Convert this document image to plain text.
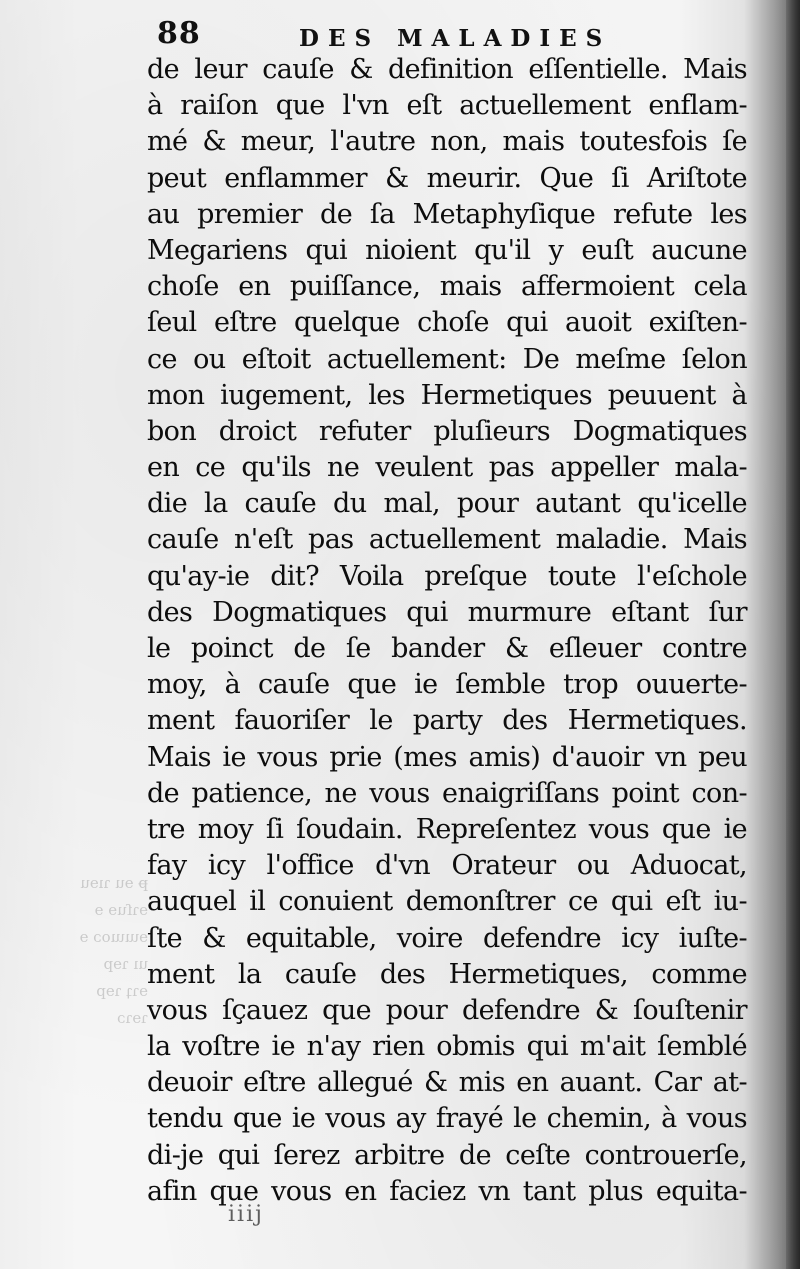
ᵽ ɘu ɿıɘu
ɘɿſuɘ ɘ
ɘɯɯoɔ ɘ
uı ɿɘp
ɘɿʇ ɿɘp
ɿɘɿɔ
88	DES MALADIES
de leur cauſe & definition eſſentielle. Mais
à raiſon que l'vn eſt actuellement enflam-
mé & meur, l'autre non, mais toutesfois ſe
peut enflammer & meurir. Que ſi Ariſtote
au premier de ſa Metaphyſique refute les
Megariens qui nioient qu'il y euſt aucune
choſe en puiſſance, mais affermoient cela
ſeul eſtre quelque choſe qui auoit exiſten-
ce ou eſtoit actuellement: De meſme ſelon
mon iugement, les Hermetiques peuuent à
bon droict refuter pluſieurs Dogmatiques
en ce qu'ils ne veulent pas appeller mala-
die la cauſe du mal, pour autant qu'icelle
cauſe n'eſt pas actuellement maladie. Mais
qu'ay-ie dit? Voila preſque toute l'eſchole
des Dogmatiques qui murmure eſtant ſur
le poinct de ſe bander & eſleuer contre
moy, à cauſe que ie ſemble trop ouuerte-
ment fauoriſer le party des Hermetiques.
Mais ie vous prie (mes amis) d'auoir vn peu
de patience, ne vous enaigriſſans point con-
tre moy ſi ſoudain. Repreſentez vous que ie
fay icy l'office d'vn Orateur ou Aduocat,
auquel il conuient demonſtrer ce qui eſt iu-
ſte & equitable, voire defendre icy iuſte-
ment la cauſe des Hermetiques, comme
vous ſçauez que pour defendre & ſouſtenir
la voſtre ie n'ay rien obmis qui m'ait ſemblé
deuoir eſtre allegué & mis en auant. Car at-
tendu que ie vous ay frayé le chemin, à vous
di-je qui ſerez arbitre de ceſte controuerſe,
afin que vous en faciez vn tant plus equita-
iiij
